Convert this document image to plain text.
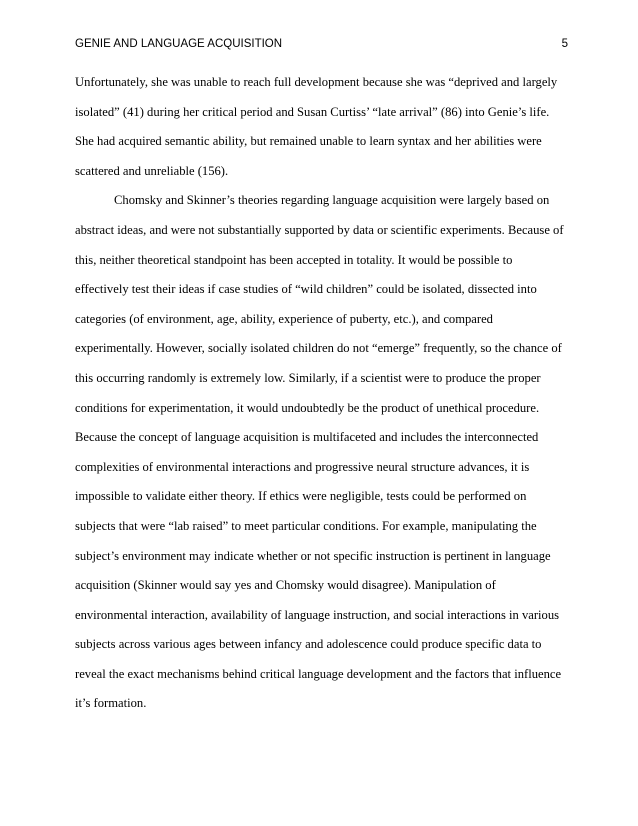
GENIE AND LANGUAGE ACQUISITION	5
Unfortunately, she was unable to reach full development because she was “deprived and largely
isolated” (41) during her critical period and Susan Curtiss’ “late arrival” (86) into Genie’s life.
She had acquired semantic ability, but remained unable to learn syntax and her abilities were
scattered and unreliable (156).
Chomsky and Skinner’s theories regarding language acquisition were largely based on
abstract ideas, and were not substantially supported by data or scientific experiments. Because of
this, neither theoretical standpoint has been accepted in totality. It would be possible to
effectively test their ideas if case studies of “wild children” could be isolated, dissected into
categories (of environment, age, ability, experience of puberty, etc.), and compared
experimentally. However, socially isolated children do not “emerge” frequently, so the chance of
this occurring randomly is extremely low. Similarly, if a scientist were to produce the proper
conditions for experimentation, it would undoubtedly be the product of unethical procedure.
Because the concept of language acquisition is multifaceted and includes the interconnected
complexities of environmental interactions and progressive neural structure advances, it is
impossible to validate either theory. If ethics were negligible, tests could be performed on
subjects that were “lab raised” to meet particular conditions. For example, manipulating the
subject’s environment may indicate whether or not specific instruction is pertinent in language
acquisition (Skinner would say yes and Chomsky would disagree). Manipulation of
environmental interaction, availability of language instruction, and social interactions in various
subjects across various ages between infancy and adolescence could produce specific data to
reveal the exact mechanisms behind critical language development and the factors that influence
it’s formation.
